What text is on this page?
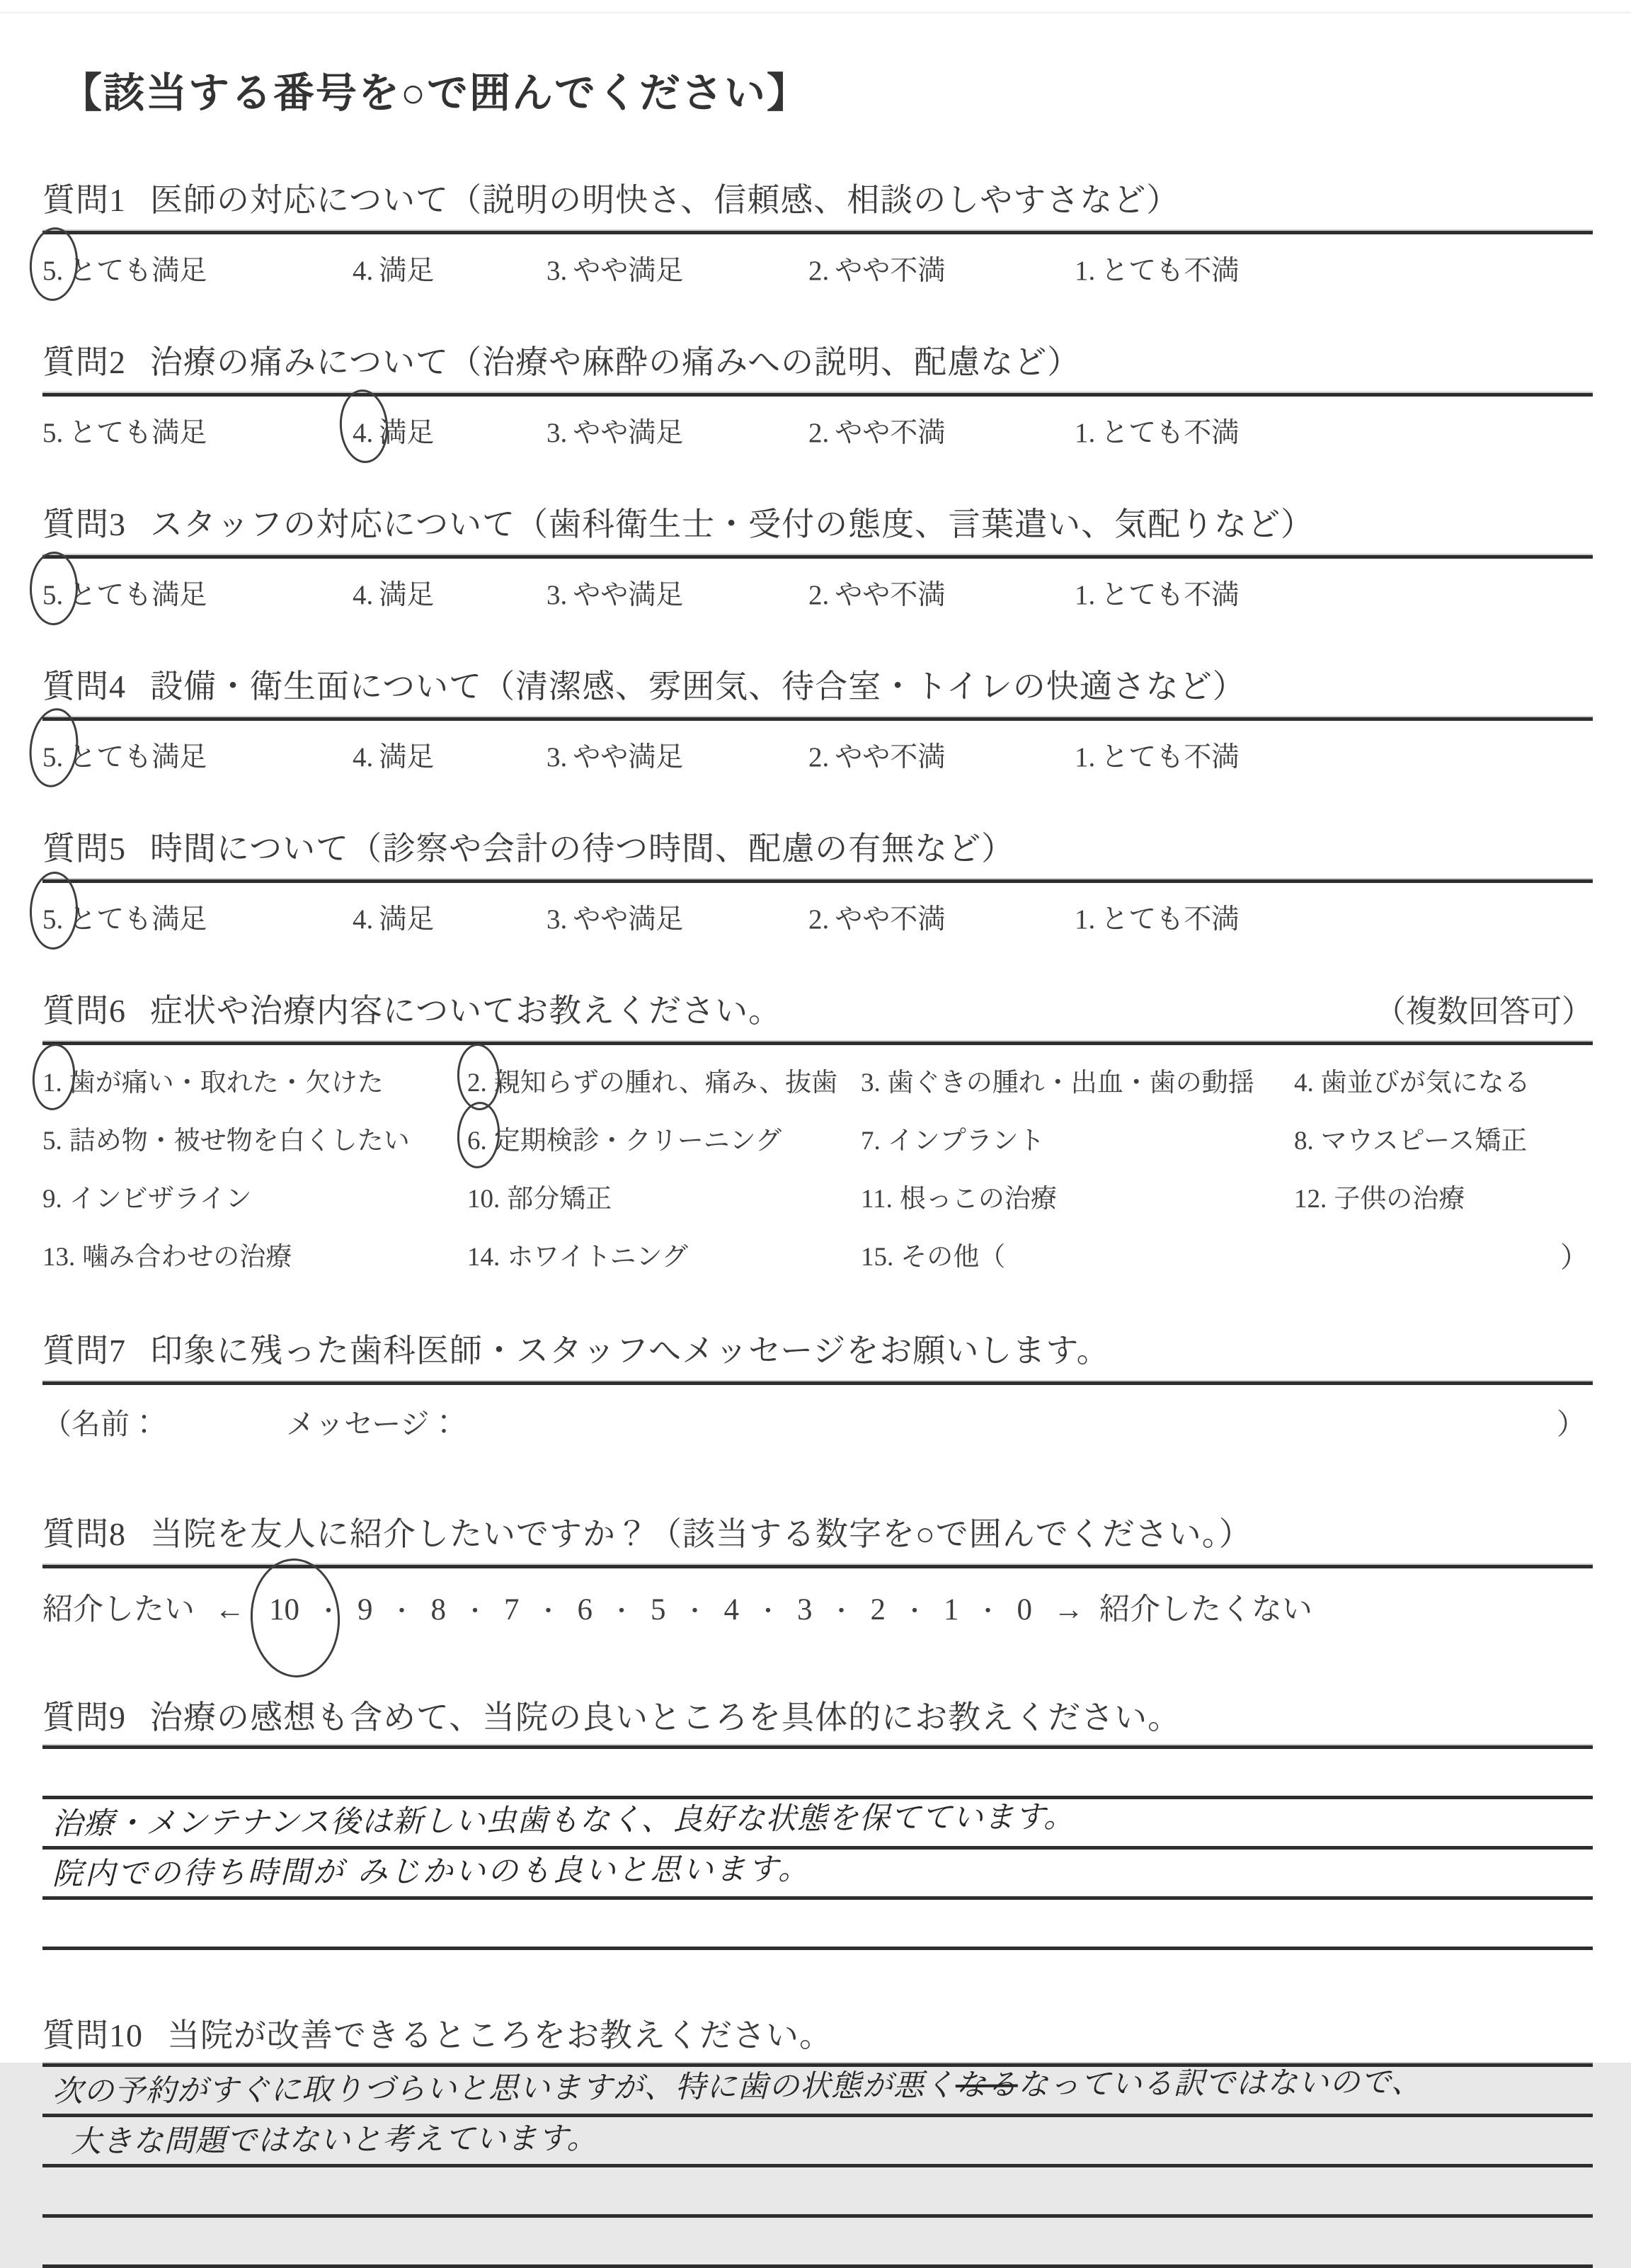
【該当する番号を○で囲んでください】
質問1 医師の対応について（説明の明快さ、信頼感、相談のしやすさなど）
5. とても満足	4. 満足	3. やや満足	2. やや不満	1. とても不満
質問2 治療の痛みについて（治療や麻酔の痛みへの説明、配慮など）
5. とても満足	4. 満足	3. やや満足	2. やや不満	1. とても不満
質問3 スタッフの対応について（歯科衛生士・受付の態度、言葉遣い、気配りなど）
5. とても満足	4. 満足	3. やや満足	2. やや不満	1. とても不満
質問4 設備・衛生面について（清潔感、雰囲気、待合室・トイレの快適さなど）
5. とても満足	4. 満足	3. やや満足	2. やや不満	1. とても不満
質問5 時間について（診察や会計の待つ時間、配慮の有無など）
5. とても満足	4. 満足	3. やや満足	2. やや不満	1. とても不満
質問6 症状や治療内容についてお教えください。	（複数回答可）
1. 歯が痛い・取れた・欠けた	2. 親知らずの腫れ、痛み、抜歯 3. 歯ぐきの腫れ・出血・歯の動揺	4. 歯並びが気になる
5. 詰め物・被せ物を白くしたい	6. 定期検診・クリーニング	7. インプラント	8. マウスピース矯正
9. インビザライン	10. 部分矯正	11. 根っこの治療	12. 子供の治療
13. 噛み合わせの治療	14. ホワイトニング	15. その他（	）
質問7 印象に残った歯科医師・スタッフへメッセージをお願いします。
（名前：	メッセージ：	）
質問8 当院を友人に紹介したいですか？（該当する数字を○で囲んでください。）
紹介したい ← 10 ・ 9 ・ 8 ・ 7 ・ 6 ・ 5 ・ 4 ・ 3 ・ 2 ・ 1 ・ 0 → 紹介したくない
質問9 治療の感想も含めて、当院の良いところを具体的にお教えください。
治療・メンテナンス後は新しい虫歯もなく、良好な状態を保てています。
院内での待ち時間が みじかいのも良いと思います。
質問10 当院が改善できるところをお教えください。
次の予約がすぐに取りづらいと思いますが、特に歯の状態が悪くなるなっている訳ではないので、
大きな問題ではないと考えています。
